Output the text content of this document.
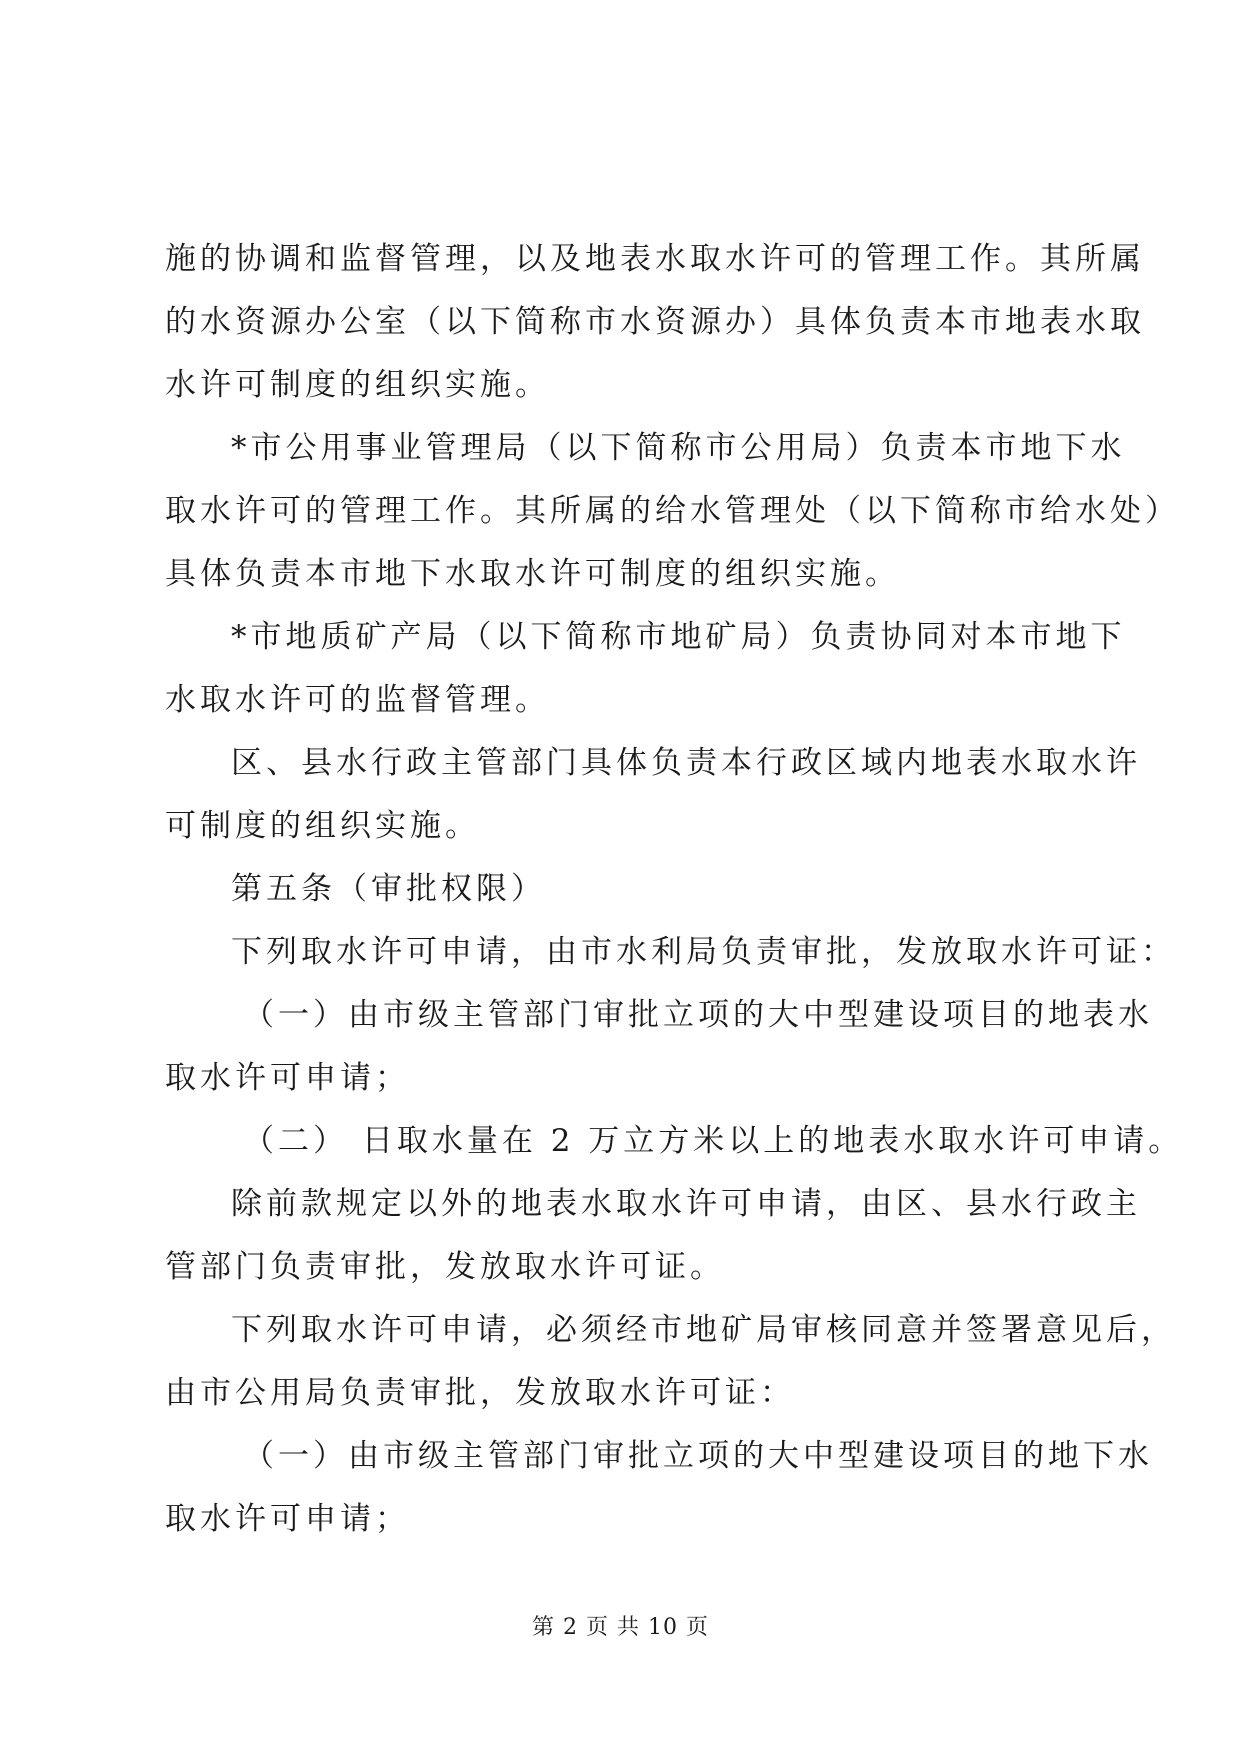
施的协调和监督管理，以及地表水取水许可的管理工作。其所属
的水资源办公室（以下简称市水资源办）具体负责本市地表水取
水许可制度的组织实施。
*市公用事业管理局（以下简称市公用局）负责本市地下水
取水许可的管理工作。其所属的给水管理处（以下简称市给水处）
具体负责本市地下水取水许可制度的组织实施。
*市地质矿产局（以下简称市地矿局）负责协同对本市地下
水取水许可的监督管理。
区、县水行政主管部门具体负责本行政区域内地表水取水许
可制度的组织实施。
第五条（审批权限）
下列取水许可申请，由市水利局负责审批，发放取水许可证：
（一）由市级主管部门审批立项的大中型建设项目的地表水
取水许可申请；
（二） 日取水量在 2 万立方米以上的地表水取水许可申请。
除前款规定以外的地表水取水许可申请，由区、县水行政主
管部门负责审批，发放取水许可证。
下列取水许可申请，必须经市地矿局审核同意并签署意见后，
由市公用局负责审批，发放取水许可证：
（一）由市级主管部门审批立项的大中型建设项目的地下水
取水许可申请；
第 2 页 共 10 页
